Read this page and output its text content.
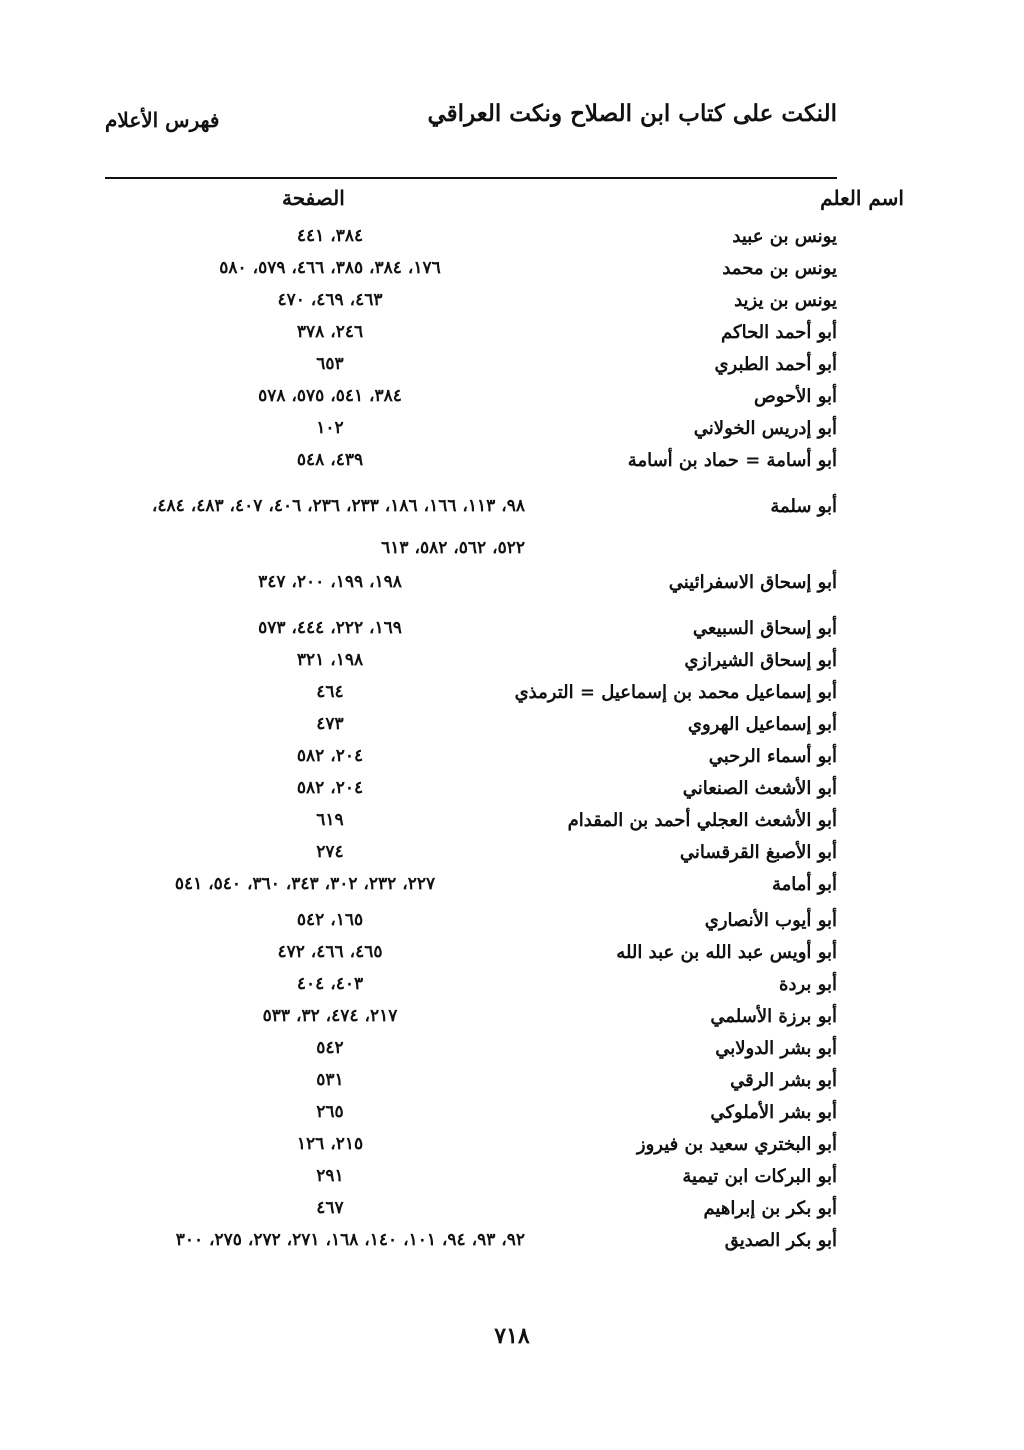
النكت على كتاب ابن الصلاح ونكت العراقي
فهرس الأعلام
اسم العلم
الصفحة
يونس بن عبيد
٣٨٤، ٤٤١
يونس بن محمد
١٧٦، ٣٨٤، ٣٨٥، ٤٦٦، ٥٧٩، ٥٨٠
يونس بن يزيد
٤٦٣، ٤٦٩، ٤٧٠
أبو أحمد الحاكم
٢٤٦، ٣٧٨
أبو أحمد الطبري
٦٥٣
أبو الأحوص
٣٨٤، ٥٤١، ٥٧٥، ٥٧٨
أبو إدريس الخولاني
١٠٢
أبو أسامة = حماد بن أسامة
٤٣٩، ٥٤٨
أبو سلمة
٩٨، ١١٣، ١٦٦، ١٨٦، ٢٣٣، ٢٣٦، ٤٠٦، ٤٠٧، ٤٨٣، ٤٨٤،
٥٢٢، ٥٦٢، ٥٨٢، ٦١٣
أبو إسحاق الاسفرائيني
١٩٨، ١٩٩، ٢٠٠، ٣٤٧
أبو إسحاق السبيعي
١٦٩، ٢٢٢، ٤٤٤، ٥٧٣
أبو إسحاق الشيرازي
١٩٨، ٣٢١
أبو إسماعيل محمد بن إسماعيل = الترمذي
٤٦٤
أبو إسماعيل الهروي
٤٧٣
أبو أسماء الرحبي
٢٠٤، ٥٨٢
أبو الأشعث الصنعاني
٢٠٤، ٥٨٢
أبو الأشعث العجلي أحمد بن المقدام
٦١٩
أبو الأصبغ القرقساني
٢٧٤
أبو أمامة
٢٢٧، ٢٣٢، ٣٠٢، ٣٤٣، ٣٦٠، ٥٤٠، ٥٤١
أبو أيوب الأنصاري
١٦٥، ٥٤٢
أبو أويس عبد الله بن عبد الله
٤٦٥، ٤٦٦، ٤٧٢
أبو بردة
٤٠٣، ٤٠٤
أبو برزة الأسلمي
٢١٧، ٤٧٤، ٣٢، ٥٣٣
أبو بشر الدولابي
٥٤٢
أبو بشر الرقي
٥٣١
أبو بشر الأملوكي
٢٦٥
أبو البختري سعيد بن فيروز
٢١٥، ١٢٦
أبو البركات ابن تيمية
٢٩١
أبو بكر بن إبراهيم
٤٦٧
أبو بكر الصديق
٩٢، ٩٣، ٩٤، ١٠١، ١٤٠، ١٦٨، ٢٧١، ٢٧٢، ٢٧٥، ٣٠٠
٧١٨
